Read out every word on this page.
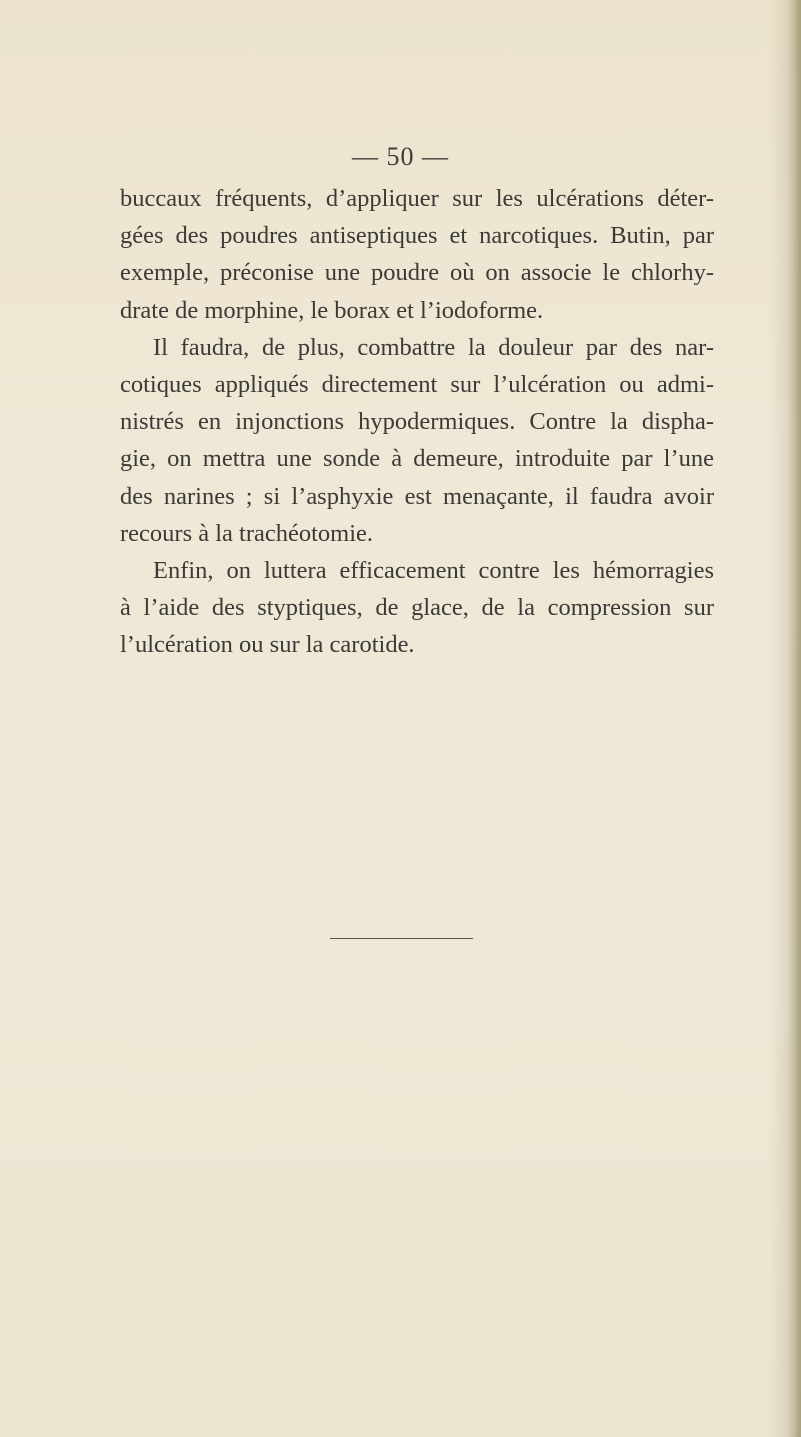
— 50 —

buccaux fréquents, d’appliquer sur les ulcérations déter-
gées des poudres antiseptiques et narcotiques. Butin, par
exemple, préconise une poudre où on associe le chlorhy-
drate de morphine, le borax et l’iodoforme.

Il faudra, de plus, combattre la douleur par des nar-
cotiques appliqués directement sur l’ulcération ou admi-
nistrés en injonctions hypodermiques. Contre la dispha-
gie, on mettra une sonde à demeure, introduite par l’une
des narines ; si l’asphyxie est menaçante, il faudra avoir
recours à la trachéotomie.

Enfin, on luttera efficacement contre les hémorragies
à l’aide des styptiques, de glace, de la compression sur
l’ulcération ou sur la carotide.
